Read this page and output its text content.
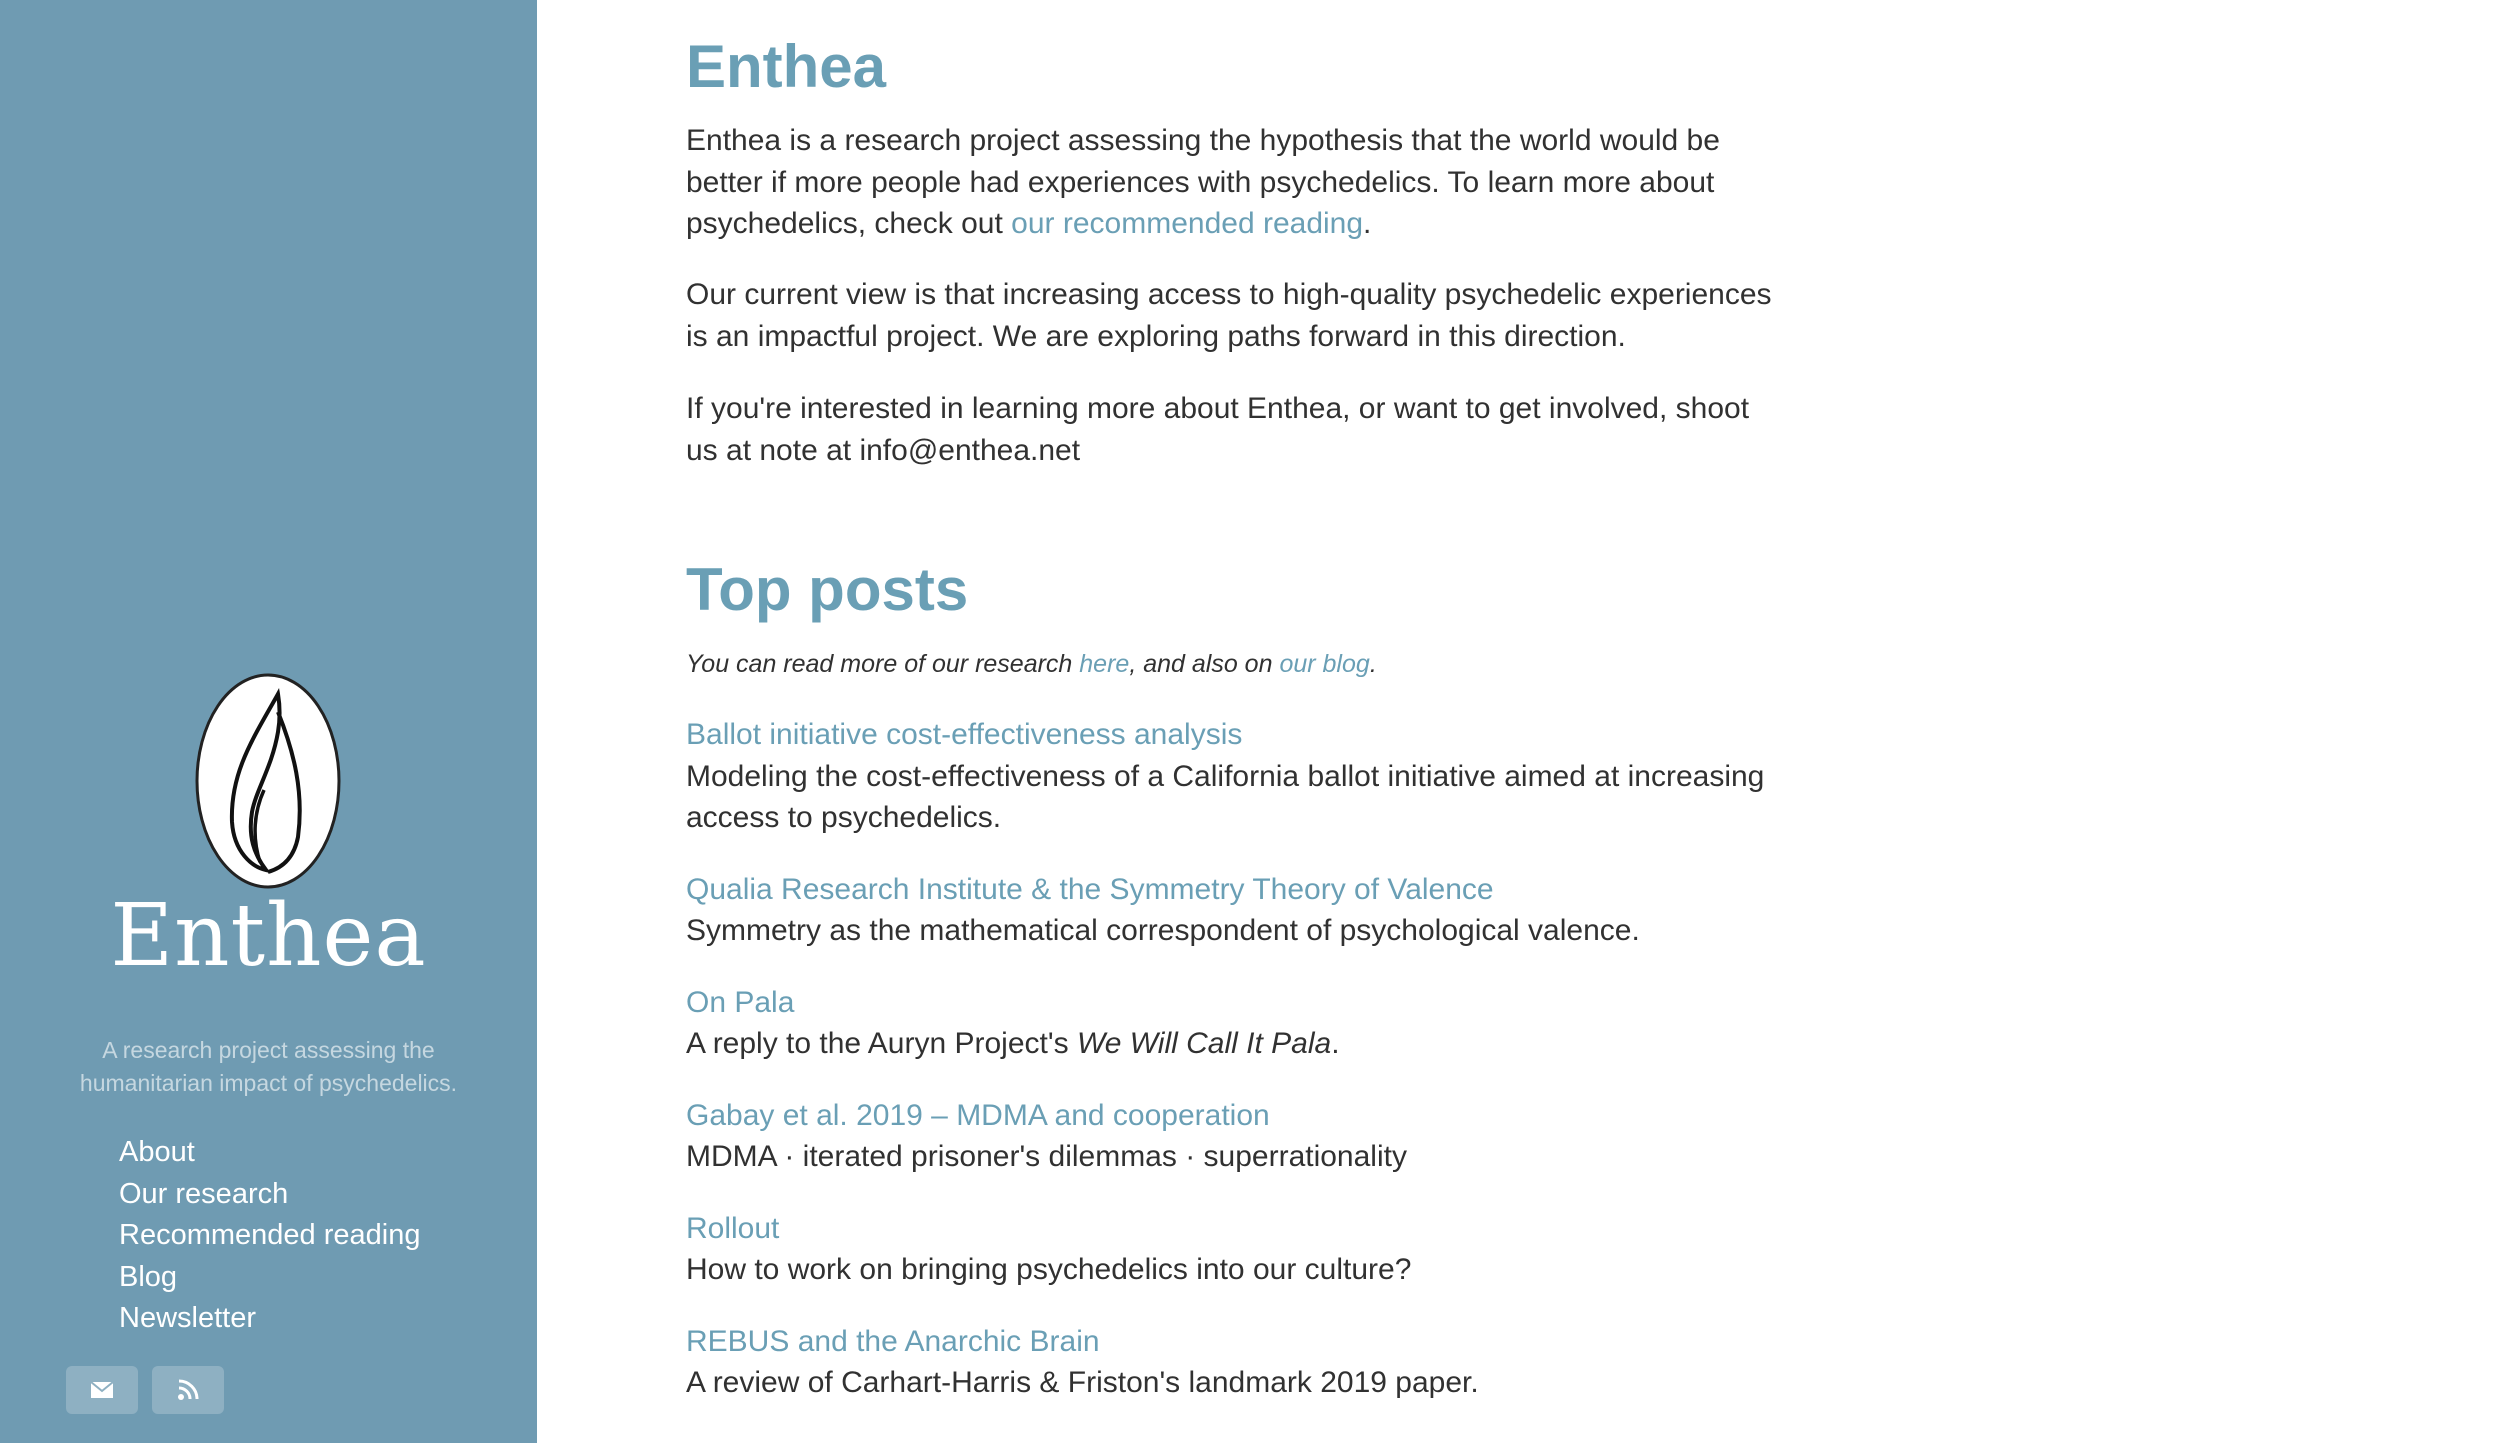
Enthea
A research project assessing the humanitarian impact of psychedelics.
About
Our research
Recommended reading
Blog
Newsletter

Enthea

Enthea is a research project assessing the hypothesis that the world would be better if more people had experiences with psychedelics. To learn more about psychedelics, check out our recommended reading.

Our current view is that increasing access to high-quality psychedelic experiences is an impactful project. We are exploring paths forward in this direction.

If you're interested in learning more about Enthea, or want to get involved, shoot us at note at info@enthea.net

Top posts

You can read more of our research here, and also on our blog.

Ballot initiative cost-effectiveness analysis
Modeling the cost-effectiveness of a California ballot initiative aimed at increasing access to psychedelics.
Qualia Research Institute & the Symmetry Theory of Valence
Symmetry as the mathematical correspondent of psychological valence.
On Pala
A reply to the Auryn Project's We Will Call It Pala.
Gabay et al. 2019 – MDMA and cooperation
MDMA · iterated prisoner's dilemmas · superrationality
Rollout
How to work on bringing psychedelics into our culture?
REBUS and the Anarchic Brain
A review of Carhart-Harris & Friston's landmark 2019 paper.
